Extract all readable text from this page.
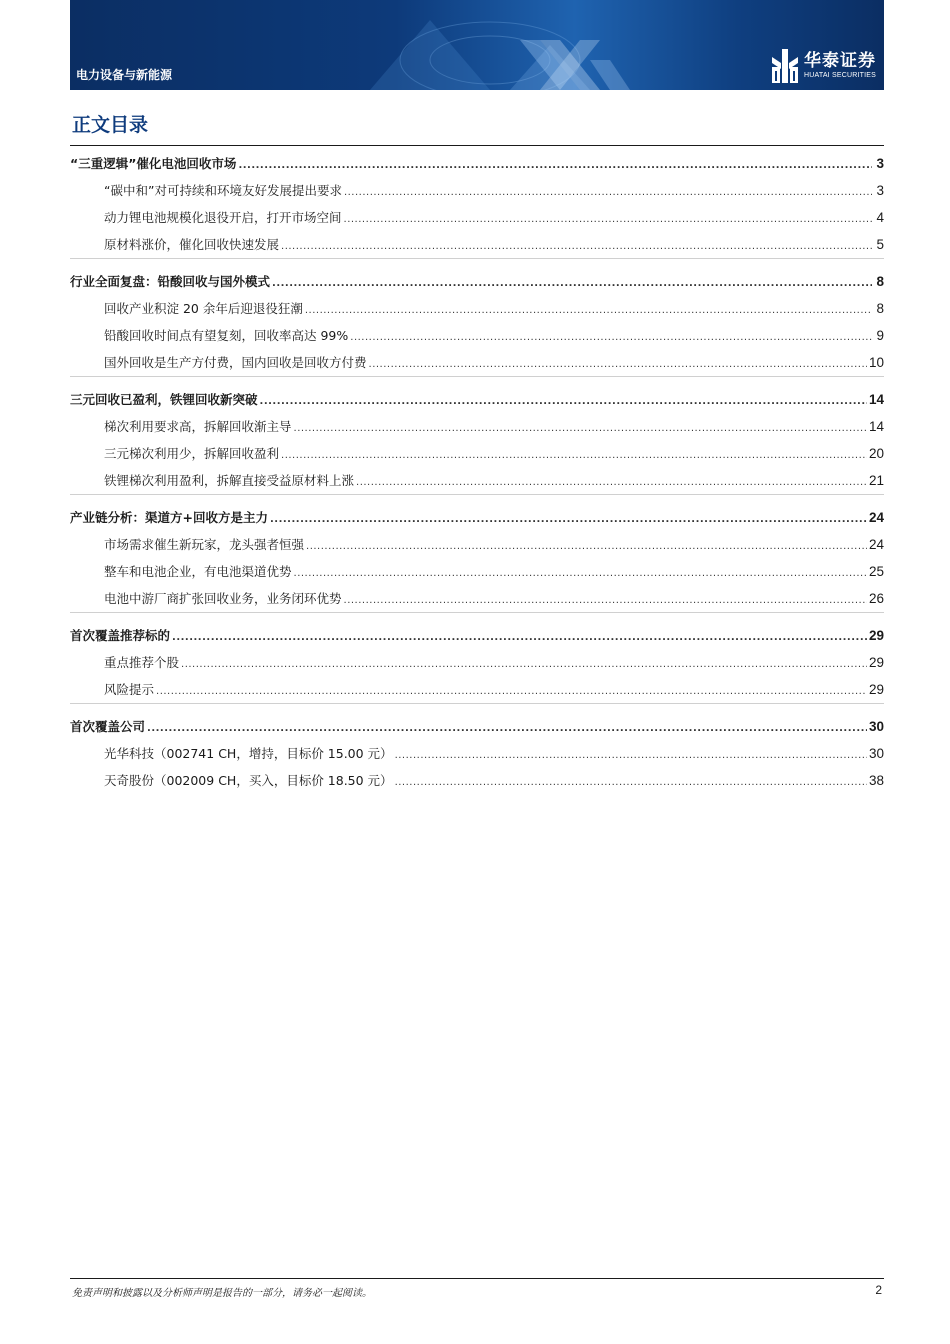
电力设备与新能源
华泰证券
HUATAI SECURITIES
正文目录
“三重逻辑”催化电池回收市场 .....	3
“碳中和”对可持续和环境友好发展提出要求 .....	3
动力锂电池规模化退役开启，打开市场空间 .....	4
原材料涨价，催化回收快速发展 .....	5
行业全面复盘：铅酸回收与国外模式 .....	8
回收产业积淀 20 余年后迎退役狂潮 .....	8
铅酸回收时间点有望复刻，回收率高达 99% .....	9
国外回收是生产方付费，国内回收是回收方付费 .....	10
三元回收已盈利，铁锂回收新突破 .....	14
梯次利用要求高，拆解回收渐主导 .....	14
三元梯次利用少，拆解回收盈利 .....	20
铁锂梯次利用盈利，拆解直接受益原材料上涨 .....	21
产业链分析：渠道方+回收方是主力 .....	24
市场需求催生新玩家，龙头强者恒强 .....	24
整车和电池企业，有电池渠道优势 .....	25
电池中游厂商扩张回收业务，业务闭环优势 .....	26
首次覆盖推荐标的 .....	29
重点推荐个股 .....	29
风险提示 .....	29
首次覆盖公司 .....	30
光华科技（002741 CH，增持，目标价 15.00 元） .....	30
天奇股份（002009 CH，买入，目标价 18.50 元） .....	38
免责声明和披露以及分析师声明是报告的一部分，请务必一起阅读。	2
